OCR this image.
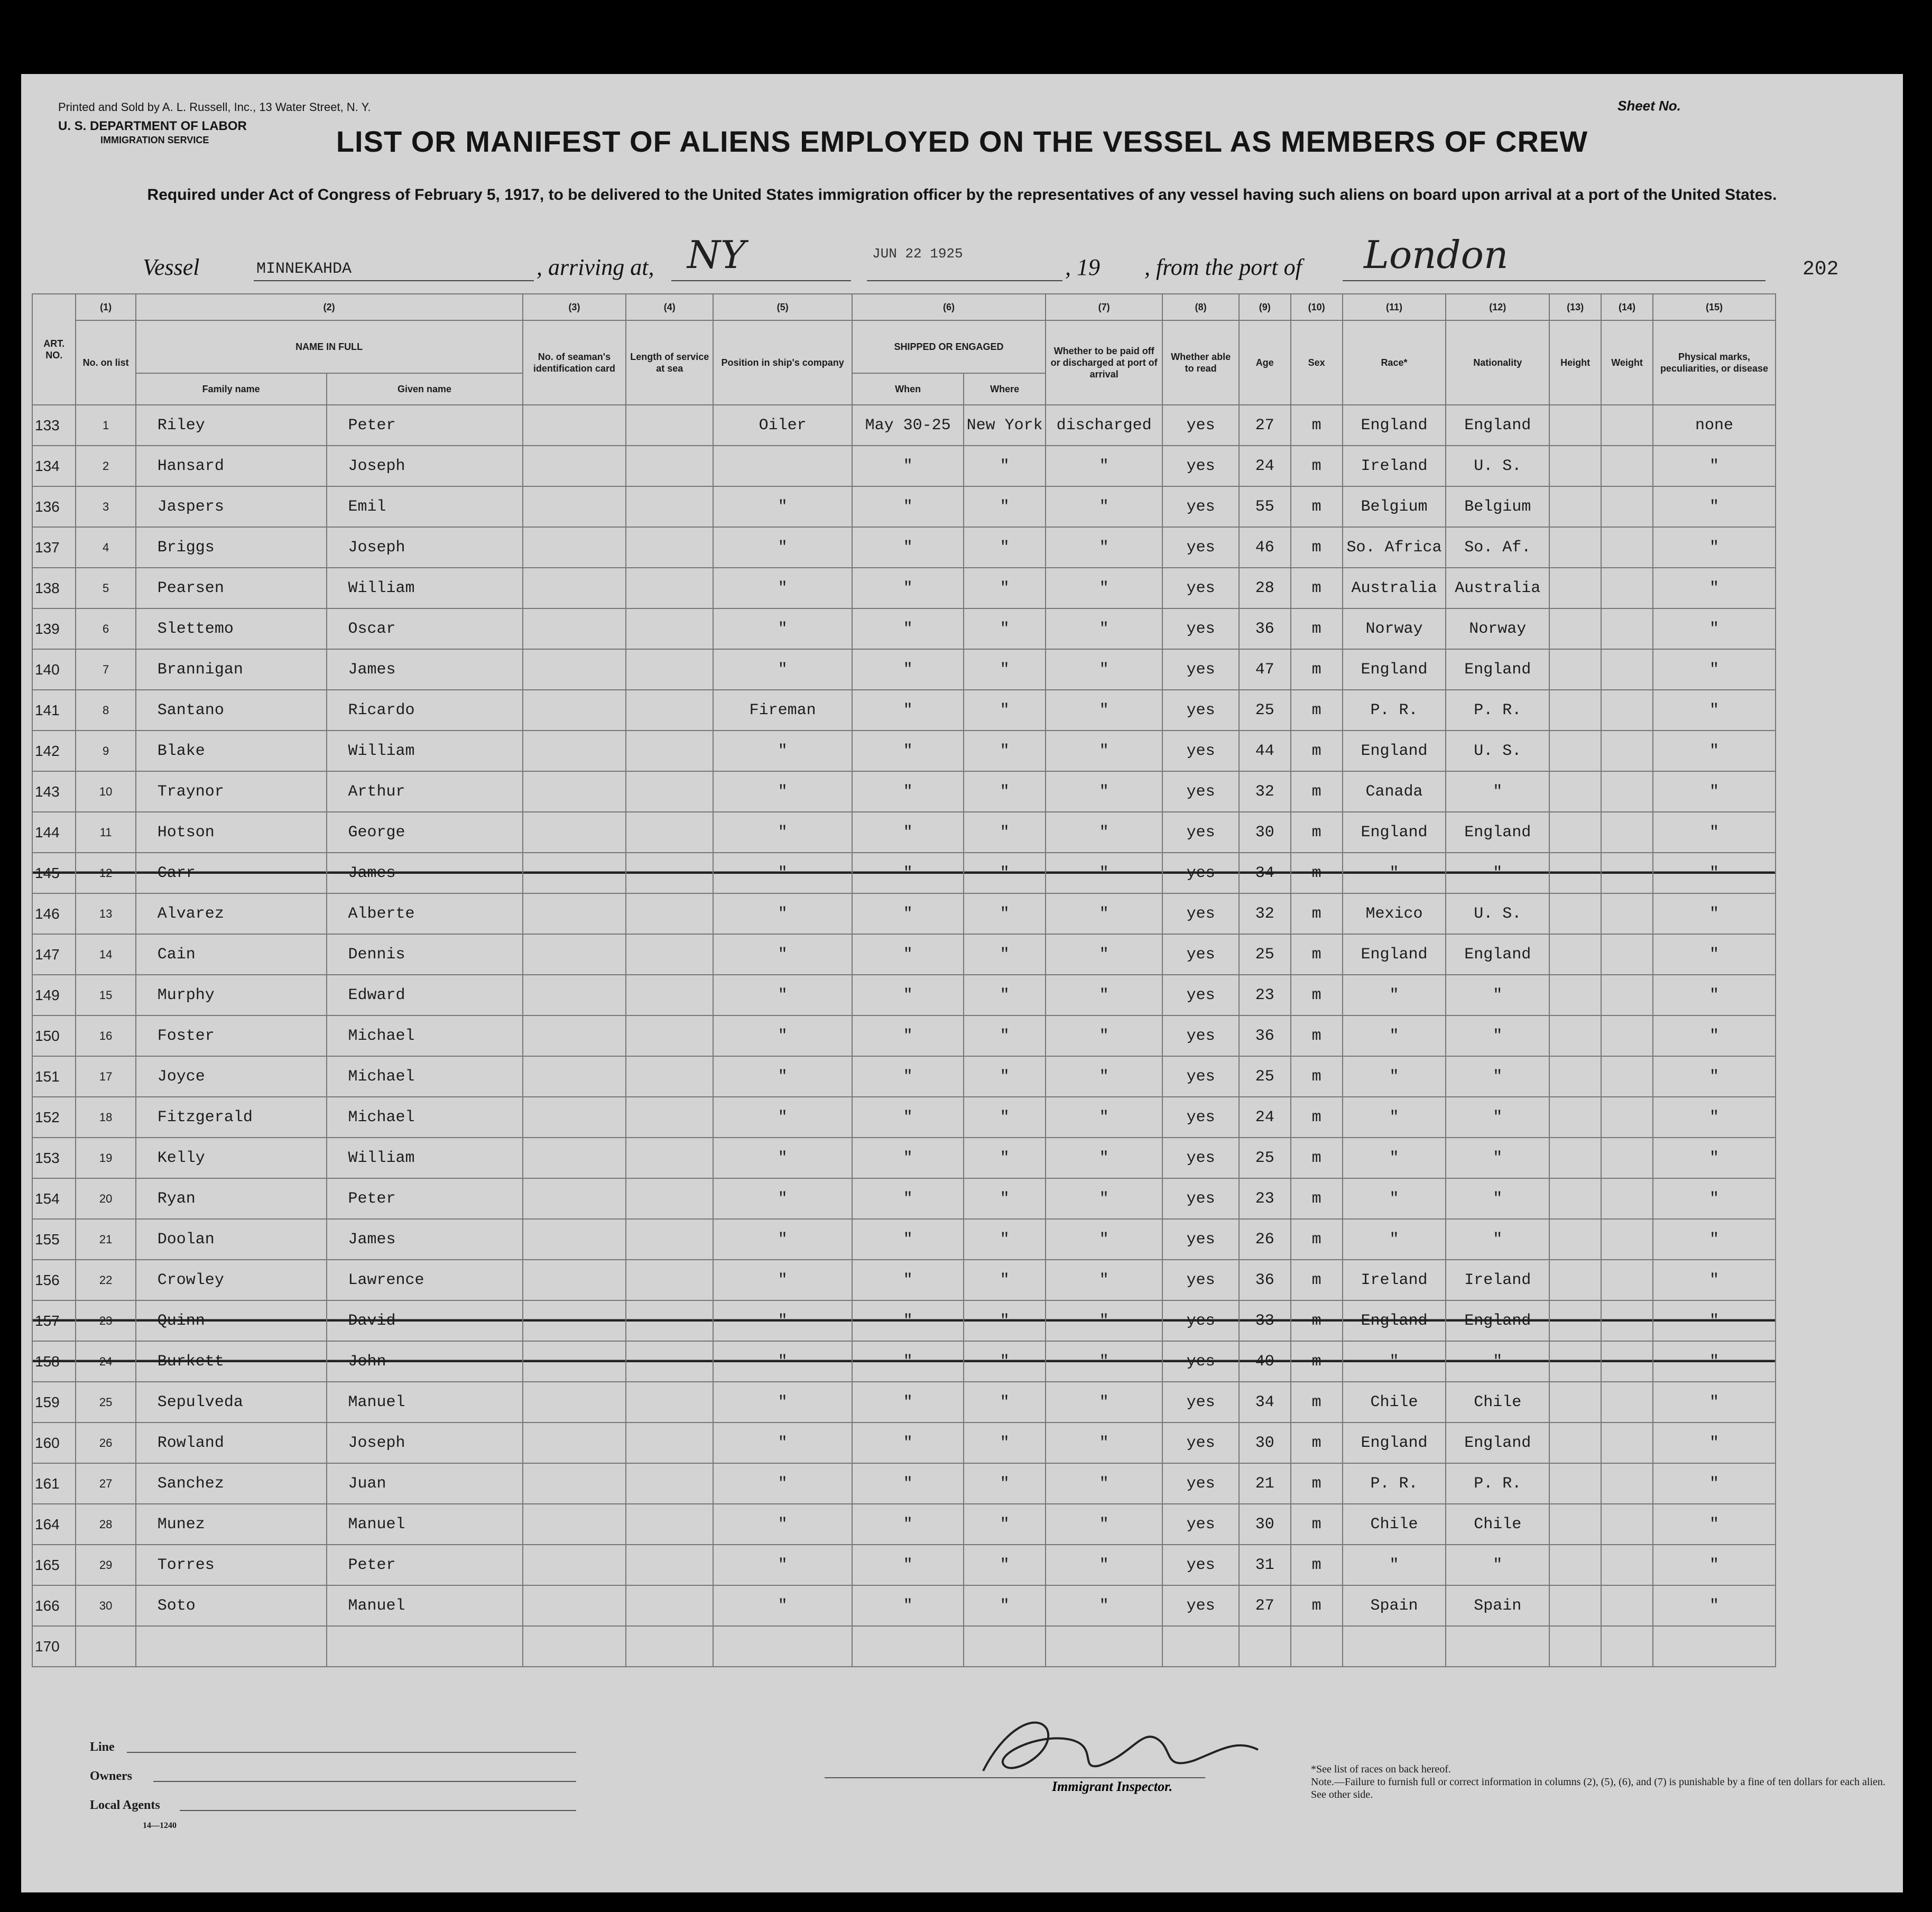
Printed and Sold by A. L. Russell, Inc., 13 Water Street, N. Y.
U. S. DEPARTMENT OF LABOR
IMMIGRATION SERVICE
Sheet No.
LIST OR MANIFEST OF ALIENS EMPLOYED ON THE VESSEL AS MEMBERS OF CREW
Required under Act of Congress of February 5, 1917, to be delivered to the United States immigration officer by the representatives of any vessel having such aliens on board upon arrival at a port of the United States.
Vessel	MINNEKAHDA	, arriving at, NY	JUN 22 1925
, 19 , from the port of London	202
ART. NO.	(1)	(2)		(3)	(4)	(5)	(6)		(7)	(8)	(9)	(10)	(11)	(12)	(13)	(14)	(15)
	No. on list	NAME IN FULL		No. of seaman's identification card	Length of service at sea	Position in ship's company	SHIPPED OR ENGAGED		Whether to be paid off or discharged at port of arrival	Whether able to read	Age	Sex	Race*	Nationality	Height	Weight	Physical marks, peculiarities, or disease
		Family name	Given name				When	Where									
133	1	Riley	Peter			Oiler	May 30-25	New York	discharged	yes	27	m	England	England			none
134	2	Hansard	Joseph				"	"	"	yes	24	m	Ireland	U. S.			"
136	3	Jaspers	Emil			"	"	"	"	yes	55	m	Belgium	Belgium			"
137	4	Briggs	Joseph			"	"	"	"	yes	46	m	So. Africa	So. Af.			"
138	5	Pearsen	William			"	"	"	"	yes	28	m	Australia	Australia			"
139	6	Slettemo	Oscar			"	"	"	"	yes	36	m	Norway	Norway			"
140	7	Brannigan	James			"	"	"	"	yes	47	m	England	England			"
141	8	Santano	Ricardo			Fireman	"	"	"	yes	25	m	P. R.	P. R.			"
142	9	Blake	William			"	"	"	"	yes	44	m	England	U. S.			"
143	10	Traynor	Arthur			"	"	"	"	yes	32	m	Canada	"			"
144	11	Hotson	George			"	"	"	"	yes	30	m	England	England			"
145	12	Carr	James			"	"	"	"	yes	34	m	"	"			"
146	13	Alvarez	Alberte			"	"	"	"	yes	32	m	Mexico	U. S.			"
147	14	Cain	Dennis			"	"	"	"	yes	25	m	England	England			"
149	15	Murphy	Edward			"	"	"	"	yes	23	m	"	"			"
150	16	Foster	Michael			"	"	"	"	yes	36	m	"	"			"
151	17	Joyce	Michael			"	"	"	"	yes	25	m	"	"			"
152	18	Fitzgerald	Michael			"	"	"	"	yes	24	m	"	"			"
153	19	Kelly	William			"	"	"	"	yes	25	m	"	"			"
154	20	Ryan	Peter			"	"	"	"	yes	23	m	"	"			"
155	21	Doolan	James			"	"	"	"	yes	26	m	"	"			"
156	22	Crowley	Lawrence			"	"	"	"	yes	36	m	Ireland	Ireland			"
157	23	Quinn	David			"	"	"	"	yes	33	m	England	England			"
158	24	Burkett	John			"	"	"	"	yes	40	m	"	"			"
159	25	Sepulveda	Manuel			"	"	"	"	yes	34	m	Chile	Chile			"
160	26	Rowland	Joseph			"	"	"	"	yes	30	m	England	England			"
161	27	Sanchez	Juan			"	"	"	"	yes	21	m	P. R.	P. R.			"
164	28	Munez	Manuel			"	"	"	"	yes	30	m	Chile	Chile			"
165	29	Torres	Peter			"	"	"	"	yes	31	m	"	"			"
166	30	Soto	Manuel			"	"	"	"	yes	27	m	Spain	Spain			"
170																	
Line
Owners
Local Agents
14—1240
Immigrant Inspector.
*See list of races on back hereof.
Note.—Failure to furnish full or correct information in columns (2), (5), (6), and (7) is punishable by a fine of ten dollars for each alien. See other side.
